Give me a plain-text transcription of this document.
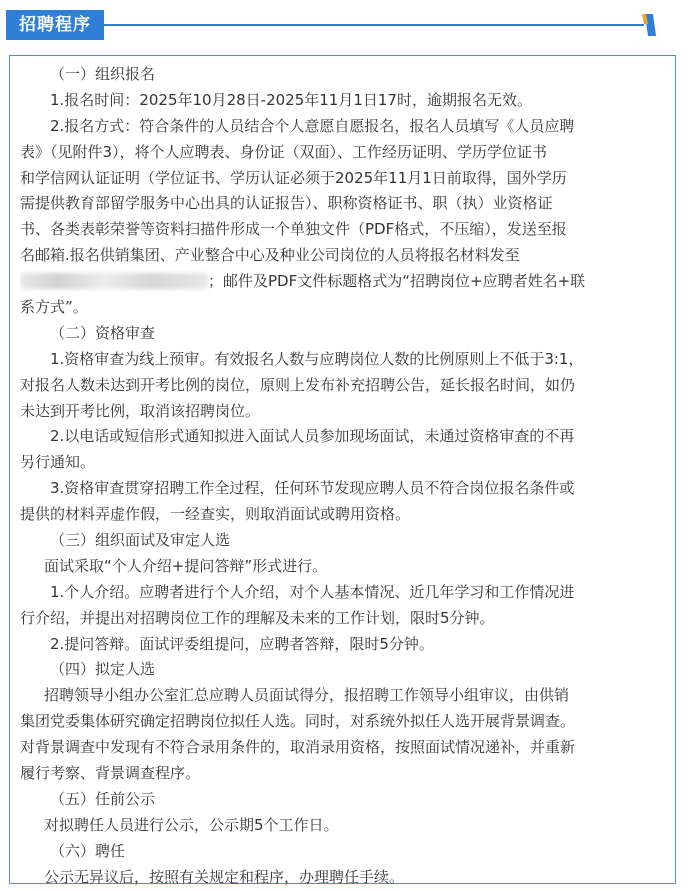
招聘程序
（一）组织报名
1.报名时间：2025年10月28日-2025年11月1日17时，逾期报名无效。
2.报名方式：符合条件的人员结合个人意愿自愿报名，报名人员填写《人员应聘
表》（见附件3），将个人应聘表、身份证（双面）、工作经历证明、学历学位证书
和学信网认证证明（学位证书、学历认证必须于2025年11月1日前取得，国外学历
需提供教育部留学服务中心出具的认证报告）、职称资格证书、职（执）业资格证
书、各类表彰荣誉等资料扫描件形成一个单独文件（PDF格式，不压缩），发送至报
名邮箱.报名供销集团、产业整合中心及种业公司岗位的人员将报名材料发至
；邮件及PDF文件标题格式为“招聘岗位+应聘者姓名+联
系方式”。
（二）资格审查
1.资格审查为线上预审。有效报名人数与应聘岗位人数的比例原则上不低于3:1，
对报名人数未达到开考比例的岗位，原则上发布补充招聘公告，延长报名时间，如仍
未达到开考比例，取消该招聘岗位。
2.以电话或短信形式通知拟进入面试人员参加现场面试，未通过资格审查的不再
另行通知。
3.资格审查贯穿招聘工作全过程，任何环节发现应聘人员不符合岗位报名条件或
提供的材料弄虚作假，一经查实，则取消面试或聘用资格。
（三）组织面试及审定人选
面试采取“个人介绍+提问答辩”形式进行。
1.个人介绍。应聘者进行个人介绍，对个人基本情况、近几年学习和工作情况进
行介绍，并提出对招聘岗位工作的理解及未来的工作计划，限时5分钟。
2.提问答辩。面试评委组提问，应聘者答辩，限时5分钟。
（四）拟定人选
招聘领导小组办公室汇总应聘人员面试得分，报招聘工作领导小组审议，由供销
集团党委集体研究确定招聘岗位拟任人选。同时，对系统外拟任人选开展背景调查。
对背景调查中发现有不符合录用条件的，取消录用资格，按照面试情况递补，并重新
履行考察、背景调查程序。
（五）任前公示
对拟聘任人员进行公示，公示期5个工作日。
（六）聘任
公示无异议后，按照有关规定和程序，办理聘任手续。
